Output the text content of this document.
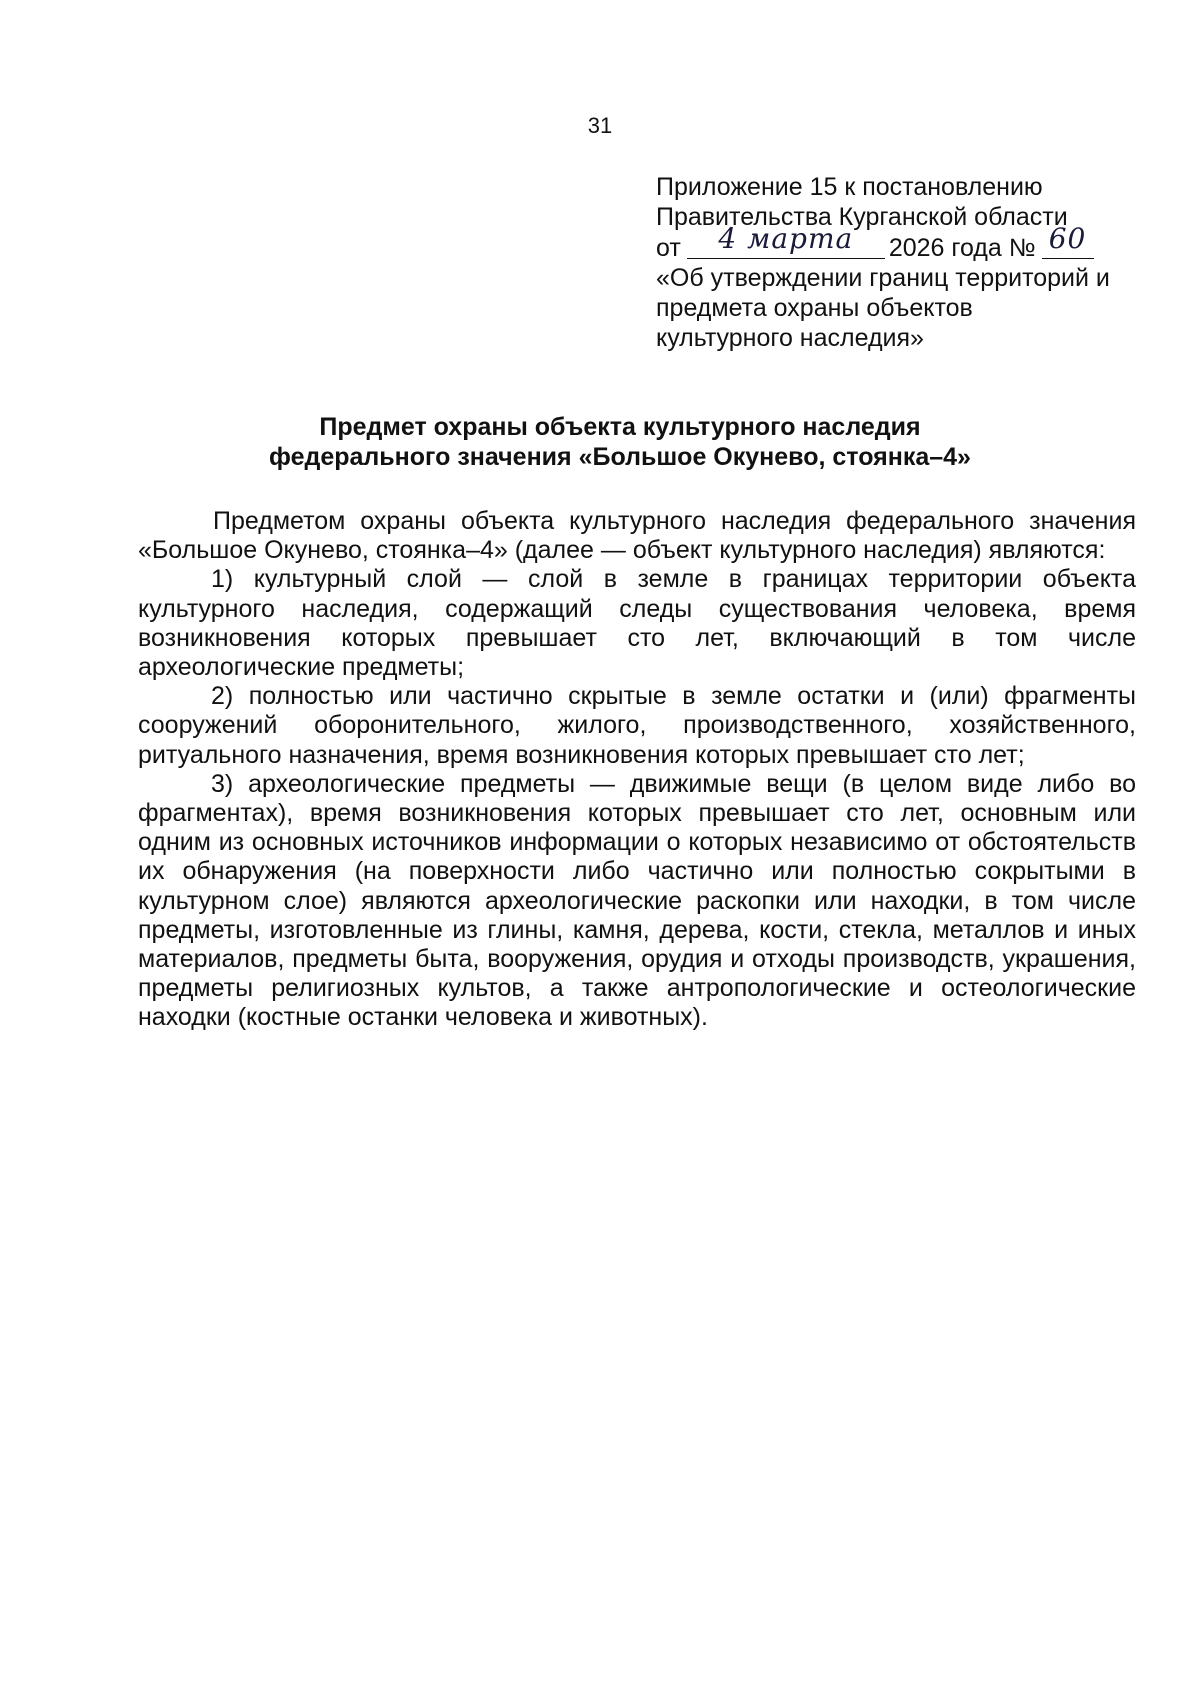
31
Приложение 15 к постановлению
Правительства Курганской области
от 4 марта 2026 года № 60
«Об утверждении границ территорий и
предмета охраны объектов
культурного наследия»
Предмет охраны объекта культурного наследия
федерального значения «Большое Окунево, стоянка–4»

Предметом охраны объекта культурного наследия федерального значения «Большое Окунево, стоянка–4» (далее — объект культурного наследия) являются:

1) культурный слой — слой в земле в границах территории объекта культурного наследия, содержащий следы существования человека, время возникновения которых превышает сто лет, включающий в том числе археологические предметы;

2) полностью или частично скрытые в земле остатки и (или) фрагменты сооружений оборонительного, жилого, производственного, хозяйственного, ритуального назначения, время возникновения которых превышает сто лет;

3) археологические предметы — движимые вещи (в целом виде либо во фрагментах), время возникновения которых превышает сто лет, основным или одним из основных источников информации о которых независимо от обстоятельств их обнаружения (на поверхности либо частично или полностью сокрытыми в культурном слое) являются археологические раскопки или находки, в том числе предметы, изготовленные из глины, камня, дерева, кости, стекла, металлов и иных материалов, предметы быта, вооружения, орудия и отходы производств, украшения, предметы религиозных культов, а также антропологические и остеологические находки (костные останки человека и животных).
